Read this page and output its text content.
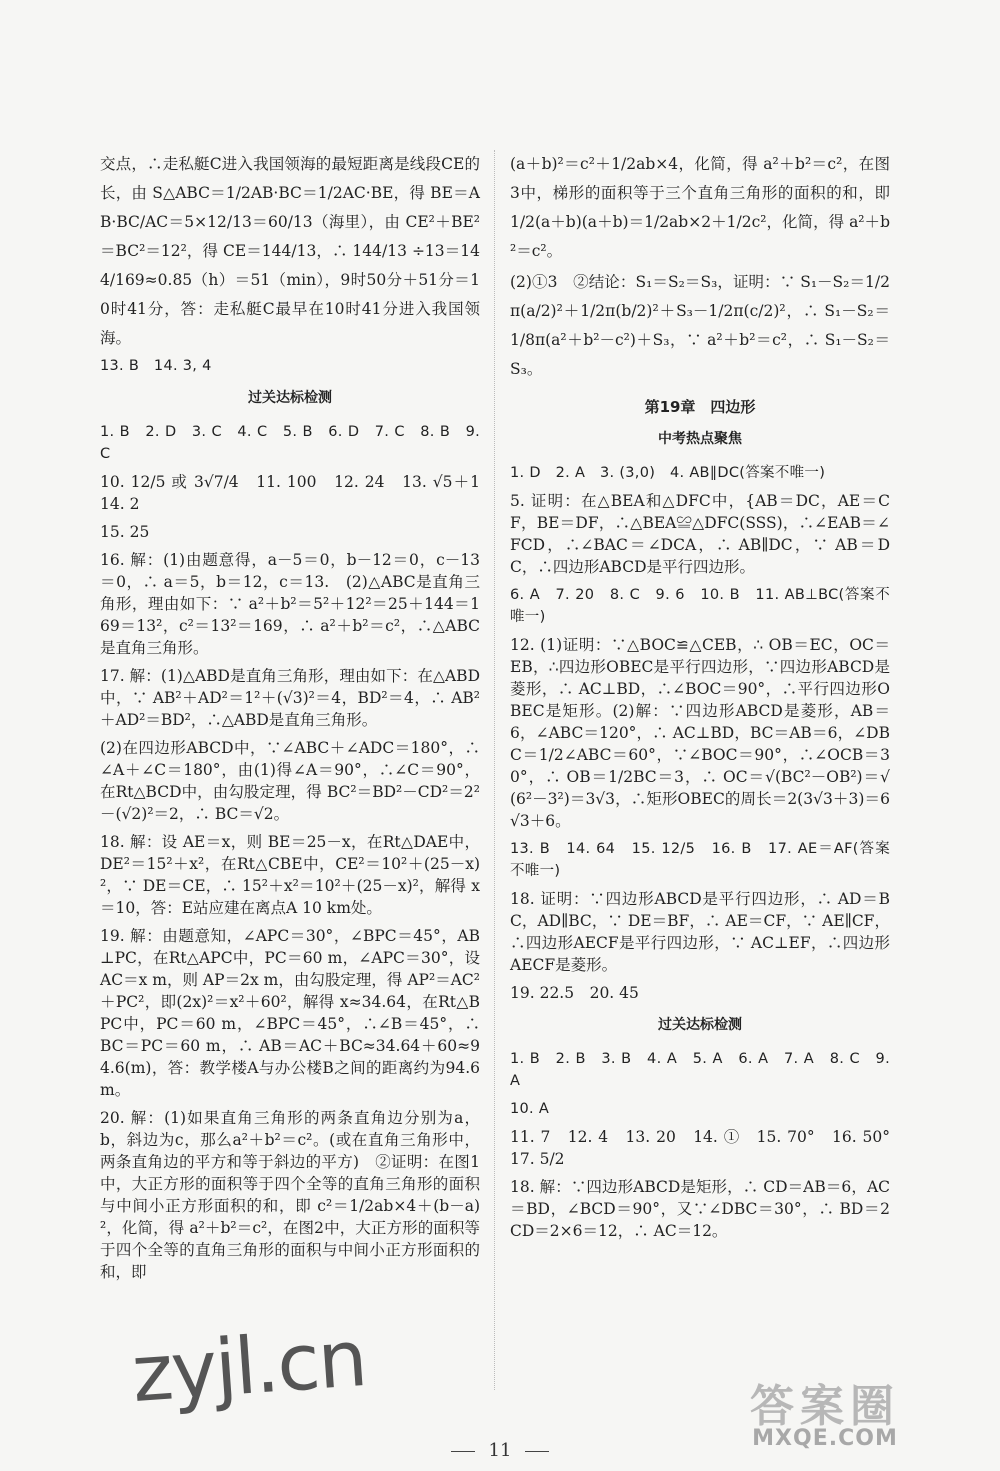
交点，∴走私艇C进入我国领海的最短距离是线段CE的长，由 S△ABC＝1/2AB·BC＝1/2AC·BE，得 BE＝AB·BC/AC＝5×12/13＝60/13（海里），由 CE²＋BE²＝BC²＝12²，得 CE＝144/13，∴ 144/13 ÷13＝144/169≈0.85（h）＝51（min），9时50分＋51分＝10时41分，答：走私艇C最早在10时41分进入我国领海。
13. B　14. 3, 4
过关达标检测
1. B　2. D　3. C　4. C　5. B　6. D　7. C　8. B　9. C
10. 12/5 或 3√7/4　11. 100　12. 24　13. √5＋1　14. 2
15. 25
16. 解：(1)由题意得，a－5＝0，b－12＝0，c－13＝0，∴ a＝5，b＝12，c＝13.　(2)△ABC是直角三角形，理由如下：∵ a²＋b²＝5²＋12²＝25＋144＝169＝13²，c²＝13²＝169，∴ a²＋b²＝c²，∴△ABC是直角三角形。
17. 解：(1)△ABD是直角三角形，理由如下：在△ABD中，∵ AB²＋AD²＝1²＋(√3)²＝4，BD²＝4，∴ AB²＋AD²＝BD²，∴△ABD是直角三角形。
(2)在四边形ABCD中，∵∠ABC＋∠ADC＝180°，∴∠A＋∠C＝180°，由(1)得∠A＝90°，∴∠C＝90°，在Rt△BCD中，由勾股定理，得 BC²＝BD²－CD²＝2²－(√2)²＝2，∴ BC＝√2。
18. 解：设 AE＝x，则 BE＝25－x，在Rt△DAE中，DE²＝15²＋x²，在Rt△CBE中，CE²＝10²＋(25－x)²，∵ DE＝CE，∴ 15²＋x²＝10²＋(25－x)²，解得 x＝10，答：E站应建在离点A 10 km处。
19. 解：由题意知，∠APC＝30°，∠BPC＝45°，AB⊥PC，在Rt△APC中，PC＝60 m，∠APC＝30°，设 AC＝x m，则 AP＝2x m，由勾股定理，得 AP²＝AC²＋PC²，即(2x)²＝x²＋60²，解得 x≈34.64，在Rt△BPC中，PC＝60 m，∠BPC＝45°，∴∠B＝45°，∴ BC＝PC＝60 m，∴ AB＝AC＋BC≈34.64＋60≈94.6(m)，答：教学楼A与办公楼B之间的距离约为94.6 m。
20. 解：(1)如果直角三角形的两条直角边分别为a，b，斜边为c，那么a²＋b²＝c²。(或在直角三角形中，两条直角边的平方和等于斜边的平方)　②证明：在图1中，大正方形的面积等于四个全等的直角三角形的面积与中间小正方形面积的和，即 c²＝1/2ab×4＋(b－a)²，化简，得 a²＋b²＝c²，在图2中，大正方形的面积等于四个全等的直角三角形的面积与中间小正方形面积的和，即
(a＋b)²＝c²＋1/2ab×4，化简，得 a²＋b²＝c²，在图3中，梯形的面积等于三个直角三角形的面积的和，即 1/2(a＋b)(a＋b)＝1/2ab×2＋1/2c²，化简，得 a²＋b²＝c²。
(2)①3　②结论：S₁＝S₂＝S₃，证明：∵ S₁－S₂＝1/2π(a/2)²＋1/2π(b/2)²＋S₃－1/2π(c/2)²，∴ S₁－S₂＝1/8π(a²＋b²－c²)＋S₃，∵ a²＋b²＝c²，∴ S₁－S₂＝S₃。
第19章　四边形
中考热点聚焦
1. D　2. A　3. (3,0)　4. AB∥DC(答案不唯一)
5. 证明：在△BEA和△DFC中，{AB＝DC，AE＝CF，BE＝DF，∴△BEA≌△DFC(SSS)，∴∠EAB＝∠FCD，∴∠BAC＝∠DCA，∴ AB∥DC，∵ AB＝DC，∴四边形ABCD是平行四边形。
6. A　7. 20　8. C　9. 6　10. B　11. AB⊥BC(答案不唯一)
12. (1)证明：∵△BOC≌△CEB，∴ OB＝EC，OC＝EB，∴四边形OBEC是平行四边形，∵四边形ABCD是菱形，∴ AC⊥BD，∴∠BOC＝90°，∴平行四边形OBEC是矩形。(2)解：∵四边形ABCD是菱形，AB＝6，∠ABC＝120°，∴ AC⊥BD，BC＝AB＝6，∠DBC＝1/2∠ABC＝60°，∵∠BOC＝90°，∴∠OCB＝30°，∴ OB＝1/2BC＝3，∴ OC＝√(BC²－OB²)＝√(6²－3²)＝3√3，∴矩形OBEC的周长＝2(3√3＋3)＝6√3＋6。
13. B　14. 64　15. 12/5　16. B　17. AE＝AF(答案不唯一)
18. 证明：∵四边形ABCD是平行四边形，∴ AD＝BC，AD∥BC，∵ DE＝BF，∴ AE＝CF，∵ AE∥CF，∴四边形AECF是平行四边形，∵ AC⊥EF，∴四边形AECF是菱形。
19. 22.5　20. 45
过关达标检测
1. B　2. B　3. B　4. A　5. A　6. A　7. A　8. C　9. A
10. A
11. 7　12. 4　13. 20　14. ①　15. 70°　16. 50°　17. 5/2
18. 解：∵四边形ABCD是矩形，∴ CD＝AB＝6，AC＝BD，∠BCD＝90°，又∵∠DBC＝30°，∴ BD＝2CD＝2×6＝12，∴ AC＝12。
11
zyjl.cn	答案圈
MXQE.COM
